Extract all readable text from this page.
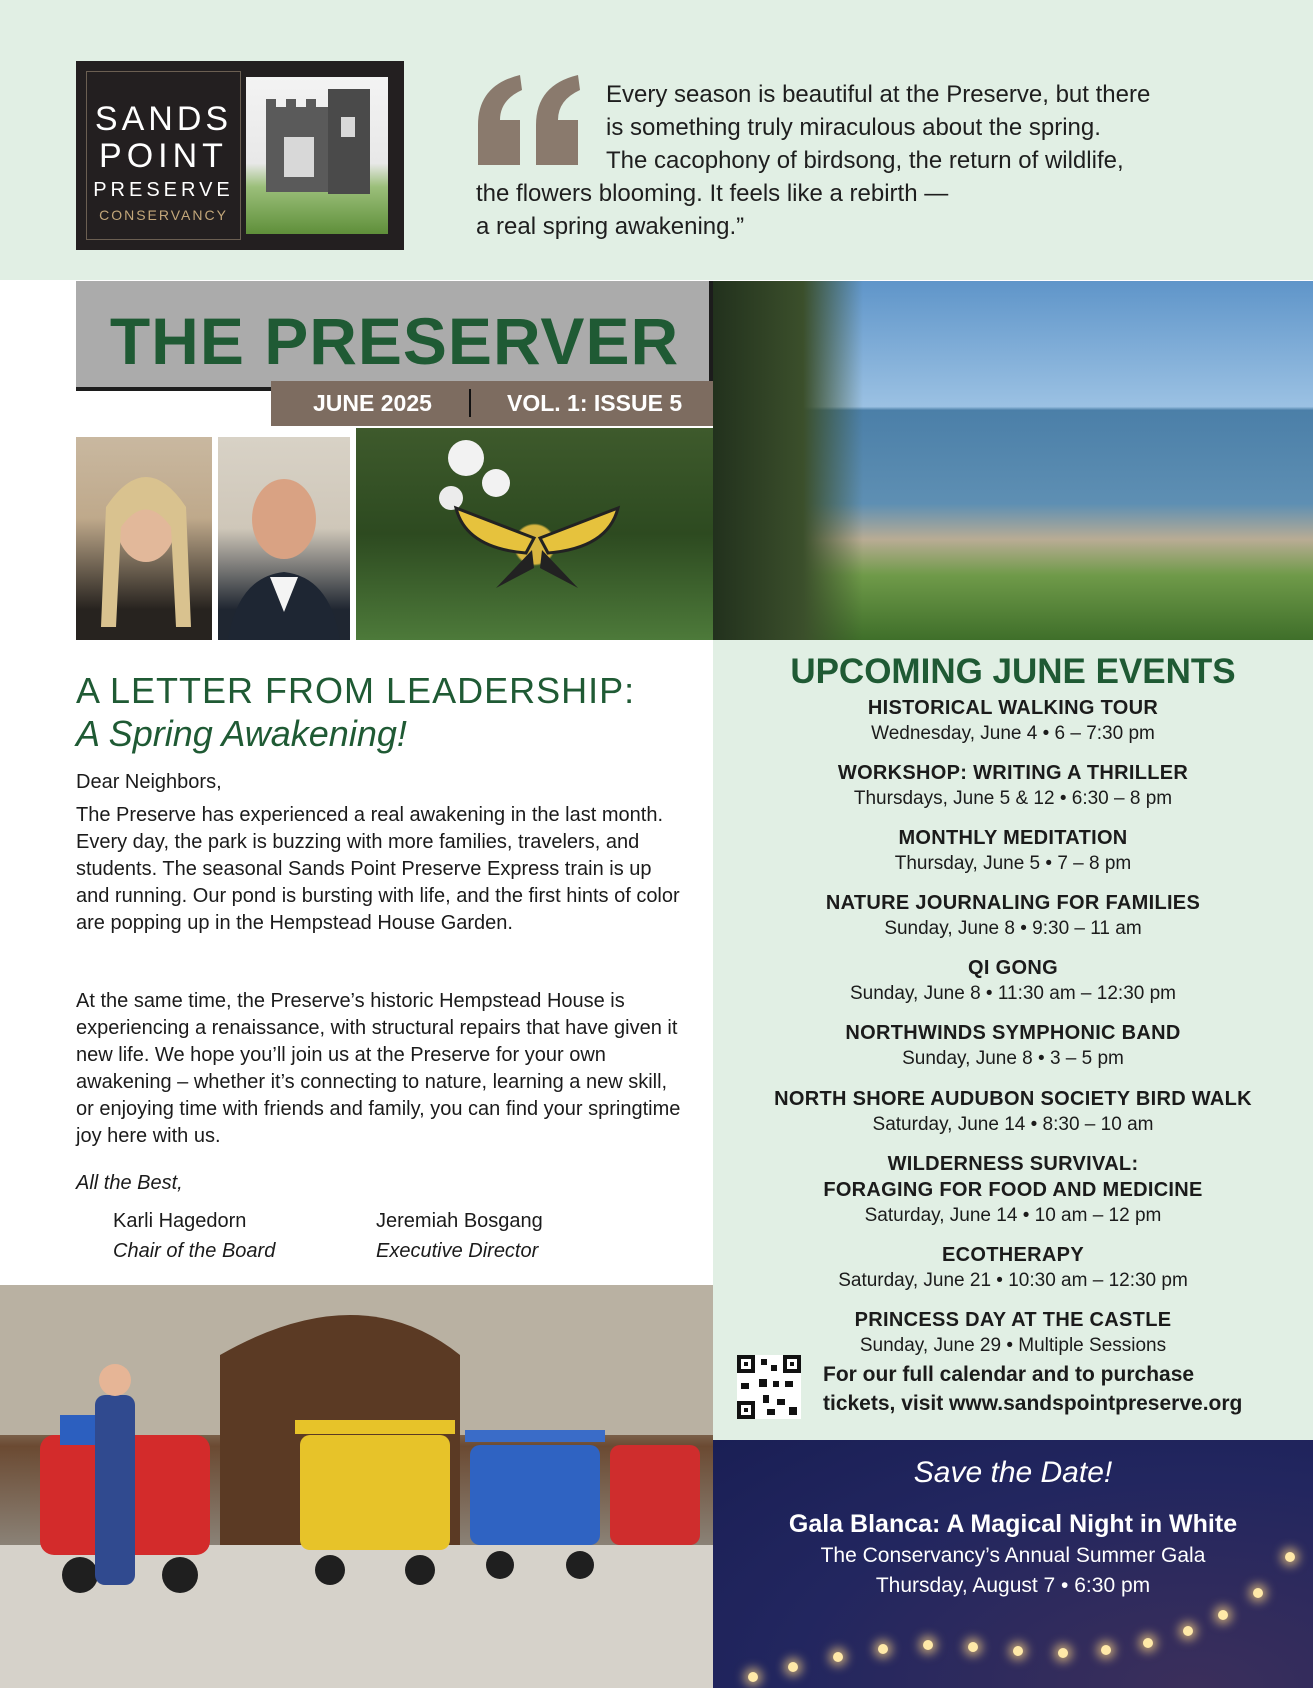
SANDS
POINT
PRESERVE
CONSERVANCY
Every season is beautiful at the Preserve, but there
is something truly miraculous about the spring.
The cacophony of birdsong, the return of wildlife,
the flowers blooming. It feels like a rebirth —
a real spring awakening.”
THE PRESERVER
JUNE 2025	VOL. 1: ISSUE 5
A LETTER FROM LEADERSHIP:
A Spring Awakening!
Dear Neighbors,
The Preserve has experienced a real awakening in the last month. Every day, the park is buzzing with more families, travelers, and students. The seasonal Sands Point Preserve Express train is up and running. Our pond is bursting with life, and the first hints of color are popping up in the Hempstead House Garden.
At the same time, the Preserve’s historic Hempstead House is experiencing a renaissance, with structural repairs that have given it new life. We hope you’ll join us at the Preserve for your own awakening – whether it’s connecting to nature, learning a new skill, or enjoying time with friends and family, you can find your springtime joy here with us.
All the Best,
Karli Hagedorn
Chair of the Board
Jeremiah Bosgang
Executive Director
UPCOMING JUNE EVENTS
HISTORICAL WALKING TOUR
Wednesday, June 4 • 6 – 7:30 pm
WORKSHOP: WRITING A THRILLER
Thursdays, June 5 & 12 • 6:30 – 8 pm
MONTHLY MEDITATION
Thursday, June 5 • 7 – 8 pm
NATURE JOURNALING FOR FAMILIES
Sunday, June 8 • 9:30 – 11 am
QI GONG
Sunday, June 8 • 11:30 am – 12:30 pm
NORTHWINDS SYMPHONIC BAND
Sunday, June 8 • 3 – 5 pm
NORTH SHORE AUDUBON SOCIETY BIRD WALK
Saturday, June 14 • 8:30 – 10 am
WILDERNESS SURVIVAL:
FORAGING FOR FOOD AND MEDICINE
Saturday, June 14 • 10 am – 12 pm
ECOTHERAPY
Saturday, June 21 • 10:30 am – 12:30 pm
PRINCESS DAY AT THE CASTLE
Sunday, June 29 • Multiple Sessions
For our full calendar and to purchase
tickets, visit www.sandspointpreserve.org
Save the Date!
Gala Blanca: A Magical Night in White
The Conservancy’s Annual Summer Gala
Thursday, August 7 • 6:30 pm
